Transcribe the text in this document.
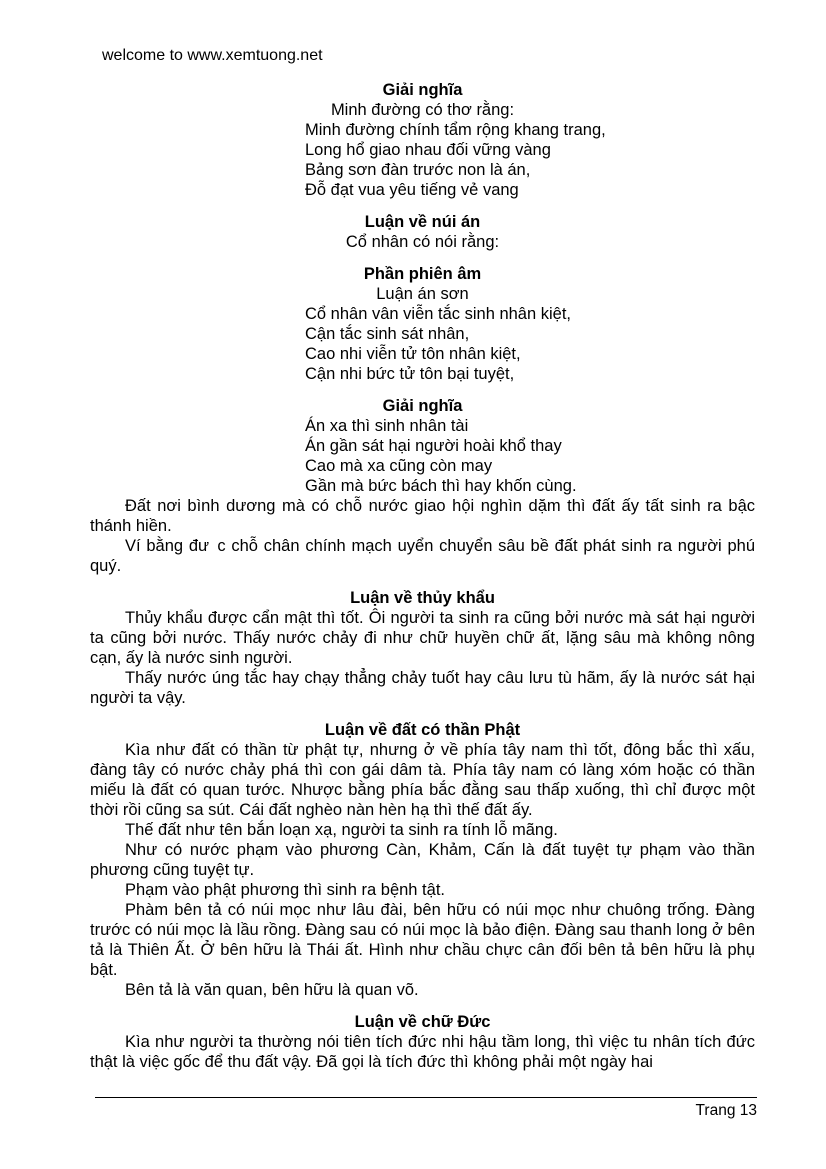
welcome to www.xemtuong.net
Giải nghĩa
Minh đường có thơ rằng:
Minh đường chính tẩm rộng khang trang,
Long hổ giao nhau đối vững vàng
Bảng sơn đàn trước non là án,
Đỗ đạt vua yêu tiếng vẻ vang
Luận về núi án
Cổ nhân có nói rằng:
Phần phiên âm
Luận án sơn
Cổ nhân vân viễn tắc sinh nhân kiệt,
Cận tắc sinh sát nhân,
Cao nhi viễn tử tôn nhân kiệt,
Cận nhi bức tử tôn bại tuyệt,
Giải nghĩa
Án xa thì sinh nhân tài
Án gần sát hại người hoài khổ thay
Cao mà xa cũng còn may
Gần mà bức bách thì hay khốn cùng.
Đất nơi bình dương mà có chỗ nước giao hội nghìn dặm thì đất ấy tất sinh ra bậc thánh hiền.
Ví bằng đư c chỗ chân chính mạch uyển chuyển sâu bề đất phát sinh ra người phú quý.
Luận về thủy khẩu
Thủy khẩu được cẩn mật thì tốt. Ôi người ta sinh ra cũng bởi nước mà sát hại người ta cũng bởi nước. Thấy nước chảy đi như chữ huyền chữ ất, lặng sâu mà không nông cạn, ấy là nước sinh người.
Thấy nước úng tắc hay chạy thẳng chảy tuốt hay câu lưu tù hãm, ấy là nước sát hại người ta vậy.
Luận về đất có thần Phật
Kìa như đất có thần từ phật tự, nhưng ở về phía tây nam thì tốt, đông bắc thì xấu, đàng tây có nước chảy phá thì con gái dâm tà. Phía tây nam có làng xóm hoặc có thần miếu là đất có quan tước. Nhược bằng phía bắc đằng sau thấp xuống, thì chỉ được một thời rồi cũng sa sút. Cái đất nghèo nàn hèn hạ thì thế đất ấy.
Thế đất như tên bắn loạn xạ, người ta sinh ra tính lỗ mãng.
Như có nước phạm vào phương Càn, Khảm, Cấn là đất tuyệt tự phạm vào thần phương cũng tuyệt tự.
Phạm vào phật phương thì sinh ra bệnh tật.
Phàm bên tả có núi mọc như lâu đài, bên hữu có núi mọc như chuông trống. Đàng trước có núi mọc là lầu rồng. Đàng sau có núi mọc là bảo điện. Đàng sau thanh long ở bên tả là Thiên Ất. Ở bên hữu là Thái ất. Hình như chầu chực cân đối bên tả bên hữu là phụ bật.
Bên tả là văn quan, bên hữu là quan võ.
Luận về chữ Đức
Kìa như người ta thường nói tiên tích đức nhi hậu tầm long, thì việc tu nhân tích đức thật là việc gốc để thu đất vậy. Đã gọi là tích đức thì không phải một ngày hai
Trang 13
